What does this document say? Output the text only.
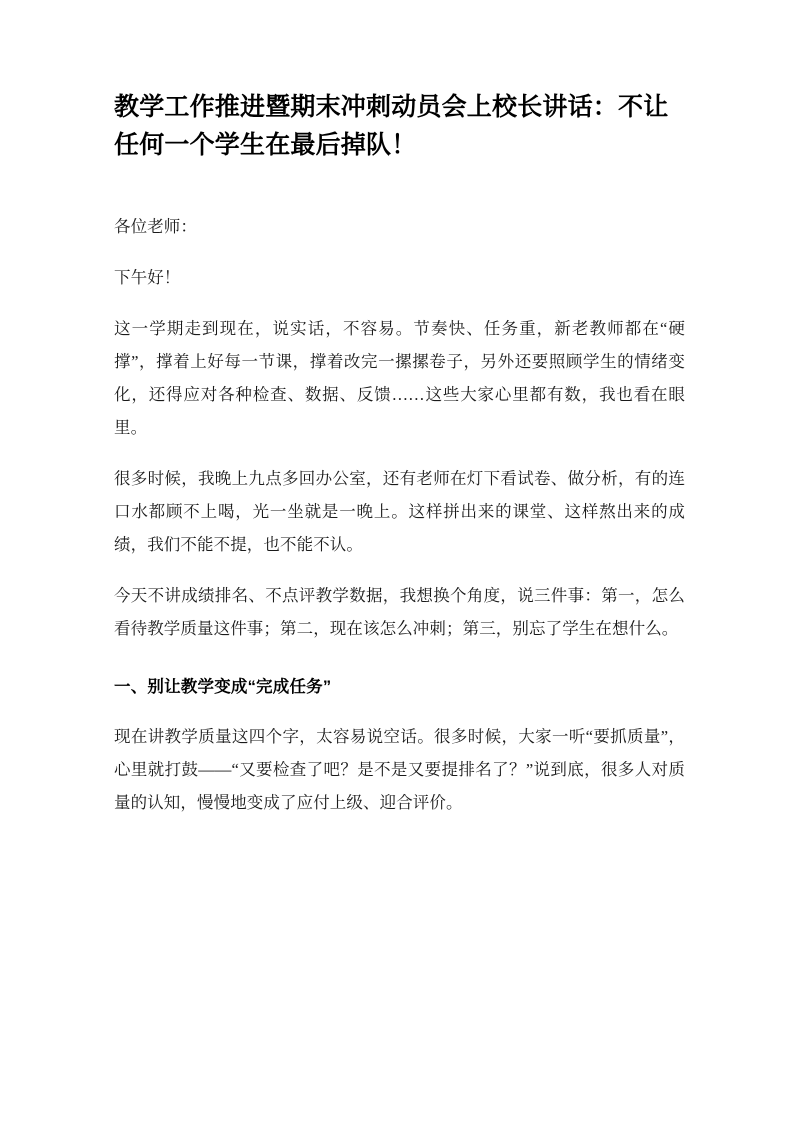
教学工作推进暨期末冲刺动员会上校长讲话：不让任何一个学生在最后掉队！

各位老师：

下午好！

这一学期走到现在，说实话，不容易。节奏快、任务重，新老教师都在“硬撑”，撑着上好每一节课，撑着改完一摞摞卷子，另外还要照顾学生的情绪变化，还得应对各种检查、数据、反馈……这些大家心里都有数，我也看在眼里。

很多时候，我晚上九点多回办公室，还有老师在灯下看试卷、做分析，有的连口水都顾不上喝，光一坐就是一晚上。这样拼出来的课堂、这样熬出来的成绩，我们不能不提，也不能不认。

今天不讲成绩排名、不点评教学数据，我想换个角度，说三件事：第一，怎么看待教学质量这件事；第二，现在该怎么冲刺；第三，别忘了学生在想什么。

一、别让教学变成“完成任务”

现在讲教学质量这四个字，太容易说空话。很多时候，大家一听“要抓质量”，心里就打鼓——“又要检查了吧？是不是又要提排名了？”说到底，很多人对质量的认知，慢慢地变成了应付上级、迎合评价。
